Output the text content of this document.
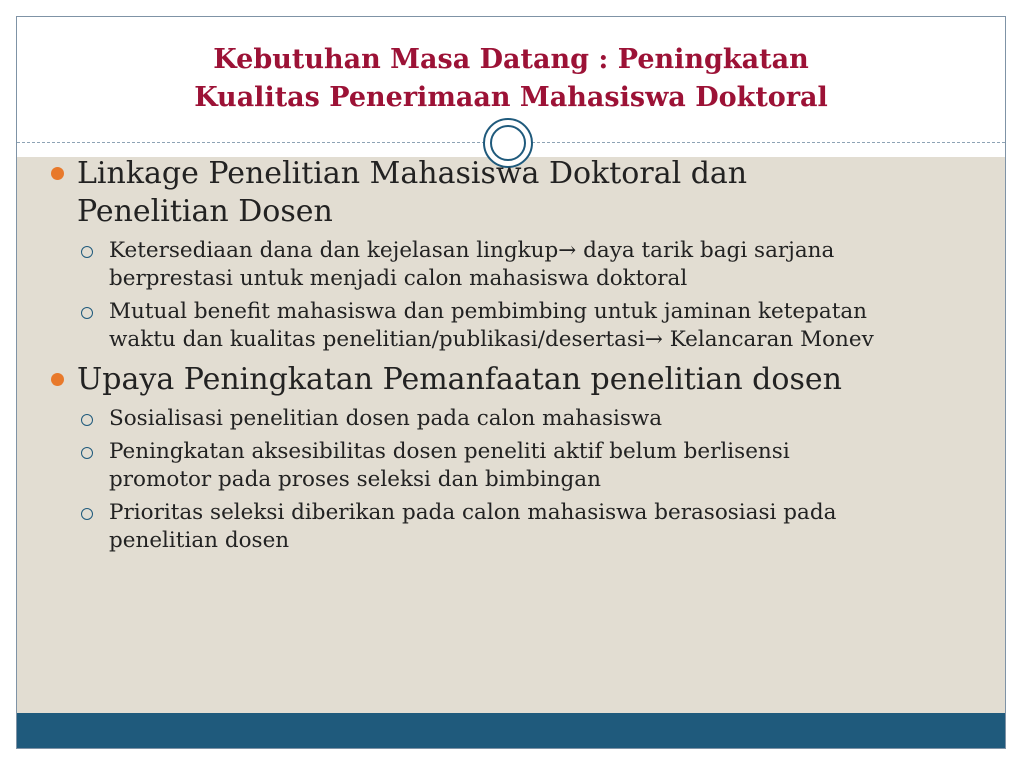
Kebutuhan Masa Datang : Peningkatan
Kualitas Penerimaan Mahasiswa Doktoral
Linkage Penelitian Mahasiswa Doktoral dan Penelitian Dosen
Ketersediaan dana dan kejelasan lingkup→ daya tarik bagi sarjana berprestasi untuk menjadi calon mahasiswa doktoral
Mutual benefit mahasiswa dan pembimbing untuk jaminan ketepatan waktu dan kualitas penelitian/publikasi/desertasi→ Kelancaran Monev
Upaya Peningkatan Pemanfaatan penelitian dosen
Sosialisasi penelitian dosen pada calon mahasiswa
Peningkatan aksesibilitas dosen peneliti aktif belum berlisensi promotor pada proses seleksi dan bimbingan
Prioritas seleksi diberikan pada calon mahasiswa berasosiasi pada penelitian dosen
